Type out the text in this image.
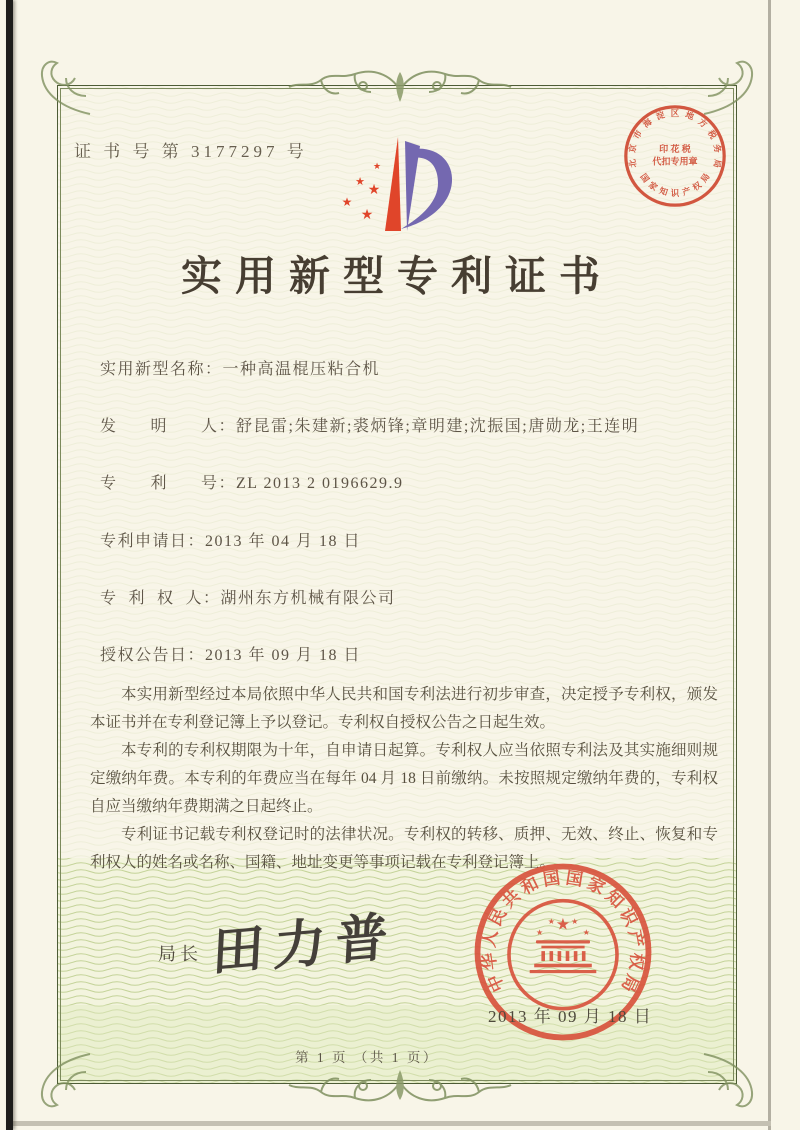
证 书 号 第 3177297 号
★
★
★
★
★
北
京
市
海
淀 区 地
方
税
务
局
国
家 知 识 产 权
局
印 花 税
代扣专用章
实用新型专利证书
实用新型名称：一种高温棍压粘合机
发      明      人：舒昆雷;朱建新;裘炳锋;章明建;沈振国;唐勋龙;王连明
专      利      号：ZL 2013 2 0196629.9
专利申请日：2013 年 04 月 18 日
专  利  权  人：湖州东方机械有限公司
授权公告日：2013 年 09 月 18 日

本实用新型经过本局依照中华人民共和国专利法进行初步审查，决定授予专利权，颁发本证书并在专利登记簿上予以登记。专利权自授权公告之日起生效。

本专利的专利权期限为十年，自申请日起算。专利权人应当依照专利法及其实施细则规定缴纳年费。本专利的年费应当在每年 04 月 18 日前缴纳。未按照规定缴纳年费的，专利权自应当缴纳年费期满之日起终止。

专利证书记载专利权登记时的法律状况。专利权的转移、质押、无效、终止、恢复和专利权人的姓名或名称、国籍、地址变更等事项记载在专利登记簿上。

局长 田力普
中
华
人
民
共
和 国 国 家
知
识
产
权
局
★
★
★ ★
★
2013 年 09 月 18 日
第 1 页 （共 1 页）
